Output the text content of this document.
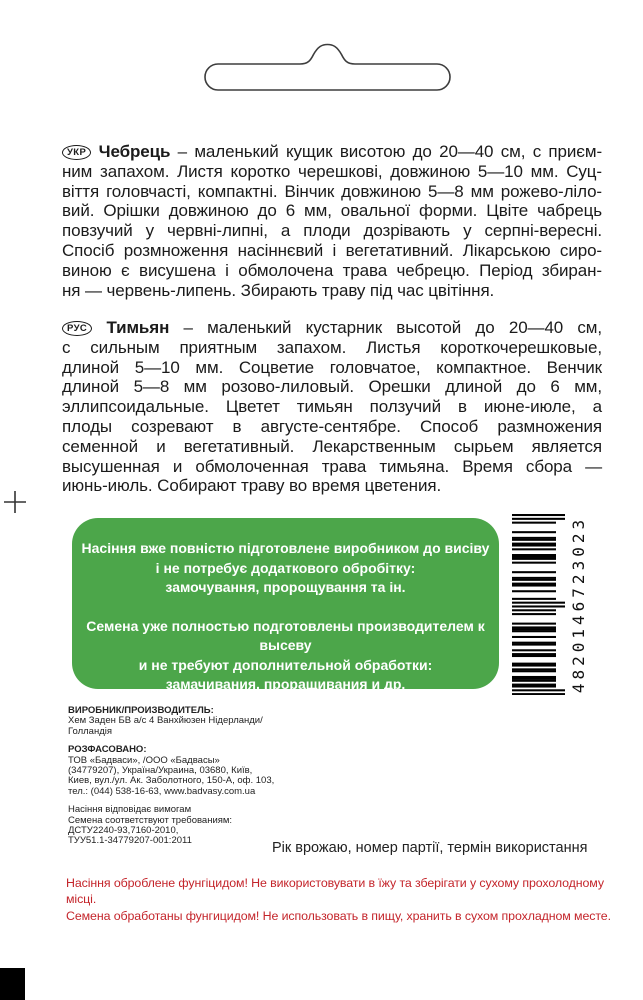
УКР Чебрець – маленький кущик висотою до 20—40 см, с приєм-
ним запахом. Листя коротко черешкові, довжиною 5—10 мм. Суц-
віття головчасті, компактні. Вінчик довжиною 5—8 мм рожево-ліло-
вий. Орішки довжиною до 6 мм, овальної форми. Цвіте чабрець
повзучий у червні-липні, а плоди дозрівають у серпні-вересні.
Спосіб розмноження насіннєвий і вегетативний. Лікарською сиро-
виною є висушена і обмолочена трава чебрецю. Період збиран-
ня — червень-липень. Збирають траву під час цвітіння.
РУС Тимьян – маленький кустарник высотой до 20—40 см,
с сильным приятным запахом. Листья короткочерешковые,
длиной 5—10 мм. Соцветие головчатое, компактное. Венчик
длиной 5—8 мм розово-лиловый. Орешки длиной до 6 мм,
эллипсоидальные. Цветет тимьян ползучий в июне-июле, а
плоды созревают в августе-сентябре. Способ размножения
семенной и вегетативный. Лекарственным сырьем является
высушенная и обмолоченная трава тимьяна. Время сбора —
июнь-июль. Собирают траву во время цветения.
Насіння вже повністю підготовлене виробником до висіву
і не потребує додаткового обробітку:
замочування, пророщування та ін.
Семена уже полностью подготовлены производителем к высеву
и не требуют дополнительной обработки:
замачивания, проращивания и др.	4820146723023
ВИРОБНИК/ПРОИЗВОДИТЕЛЬ:
Хем Заден БВ а/с 4 Ванхйюзен Нідерланди/
Голландія
РОЗФАСОВАНО:
ТОВ «Бадваси», /ООО «Бадвасы»
(34779207), Україна/Украина, 03680, Київ,
Киев, вул./ул. Ак. Заболотного, 150-А, оф. 103,
тел.: (044) 538-16-63, www.badvasy.com.ua
Насіння відповідає вимогам
Семена соответствуют требованиям:
ДСТУ2240-93,7160-2010,
ТУУ51.1-34779207-001:2011	Рік врожаю, номер партії, термін використання
Насіння оброблене фунгіцидом! Не використовувати в їжу та зберігати у сухому прохолодному місці.
Семена обработаны фунгицидом! Не использовать в пищу, хранить в сухом прохладном месте.
